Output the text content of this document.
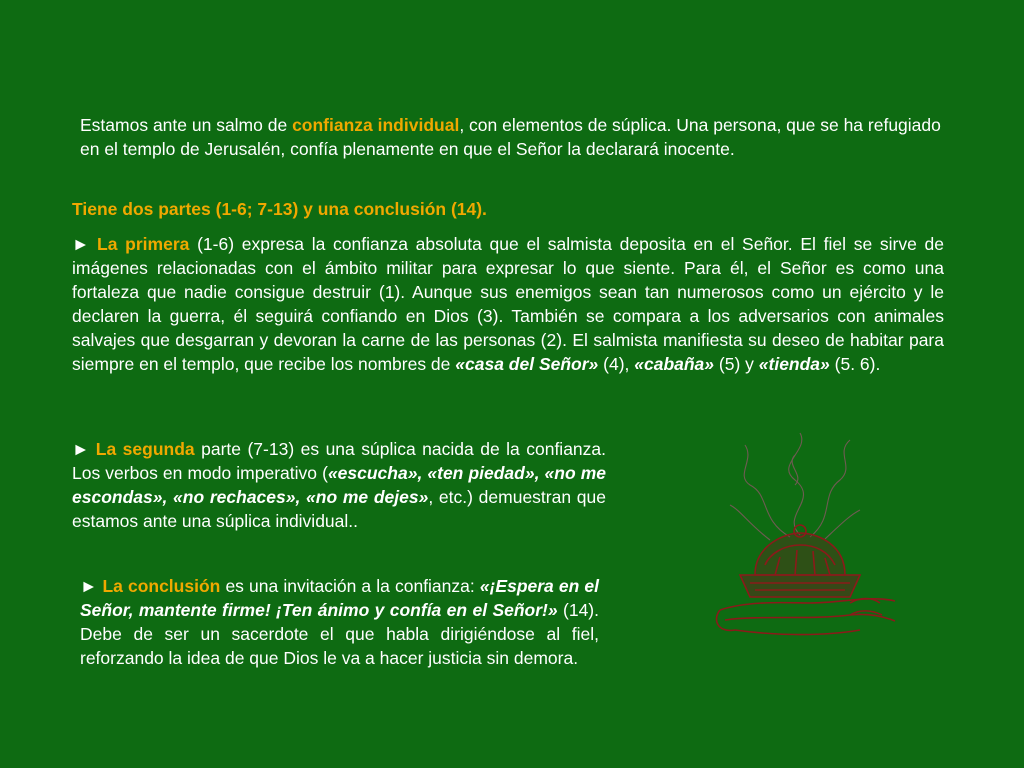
Estamos ante un salmo de confianza individual, con elementos de súplica. Una persona, que se ha refugiado en el templo de Jerusalén, confía plenamente en que el Señor la declarará inocente.

Tiene dos partes (1-6; 7-13) y una conclusión (14).

► La primera (1-6) expresa la confianza absoluta que el salmista deposita en el Señor. El fiel se sirve de imágenes relacionadas con el ámbito militar para expresar lo que siente. Para él, el Señor es como una fortaleza que nadie consigue destruir (1). Aunque sus enemigos sean tan numerosos como un ejército y le declaren la guerra, él seguirá confiando en Dios (3). También se compara a los adversarios con animales salvajes que desgarran y devoran la carne de las personas (2). El salmista manifiesta su deseo de habitar para siempre en el templo, que recibe los nombres de «casa del Señor» (4), «cabaña» (5) y «tienda» (5. 6).

► La segunda parte (7-13) es una súplica nacida de la confianza. Los verbos en modo imperativo («escucha», «ten piedad», «no me escondas», «no rechaces», «no me dejes», etc.) demuestran que estamos ante una súplica individual..

► La conclusión es una invitación a la confianza: «¡Espera en el Señor, mantente firme! ¡Ten ánimo y confía en el Señor!» (14). Debe de ser un sacerdote el que habla dirigiéndose al fiel, reforzando la idea de que Dios le va a hacer justicia sin demora.
